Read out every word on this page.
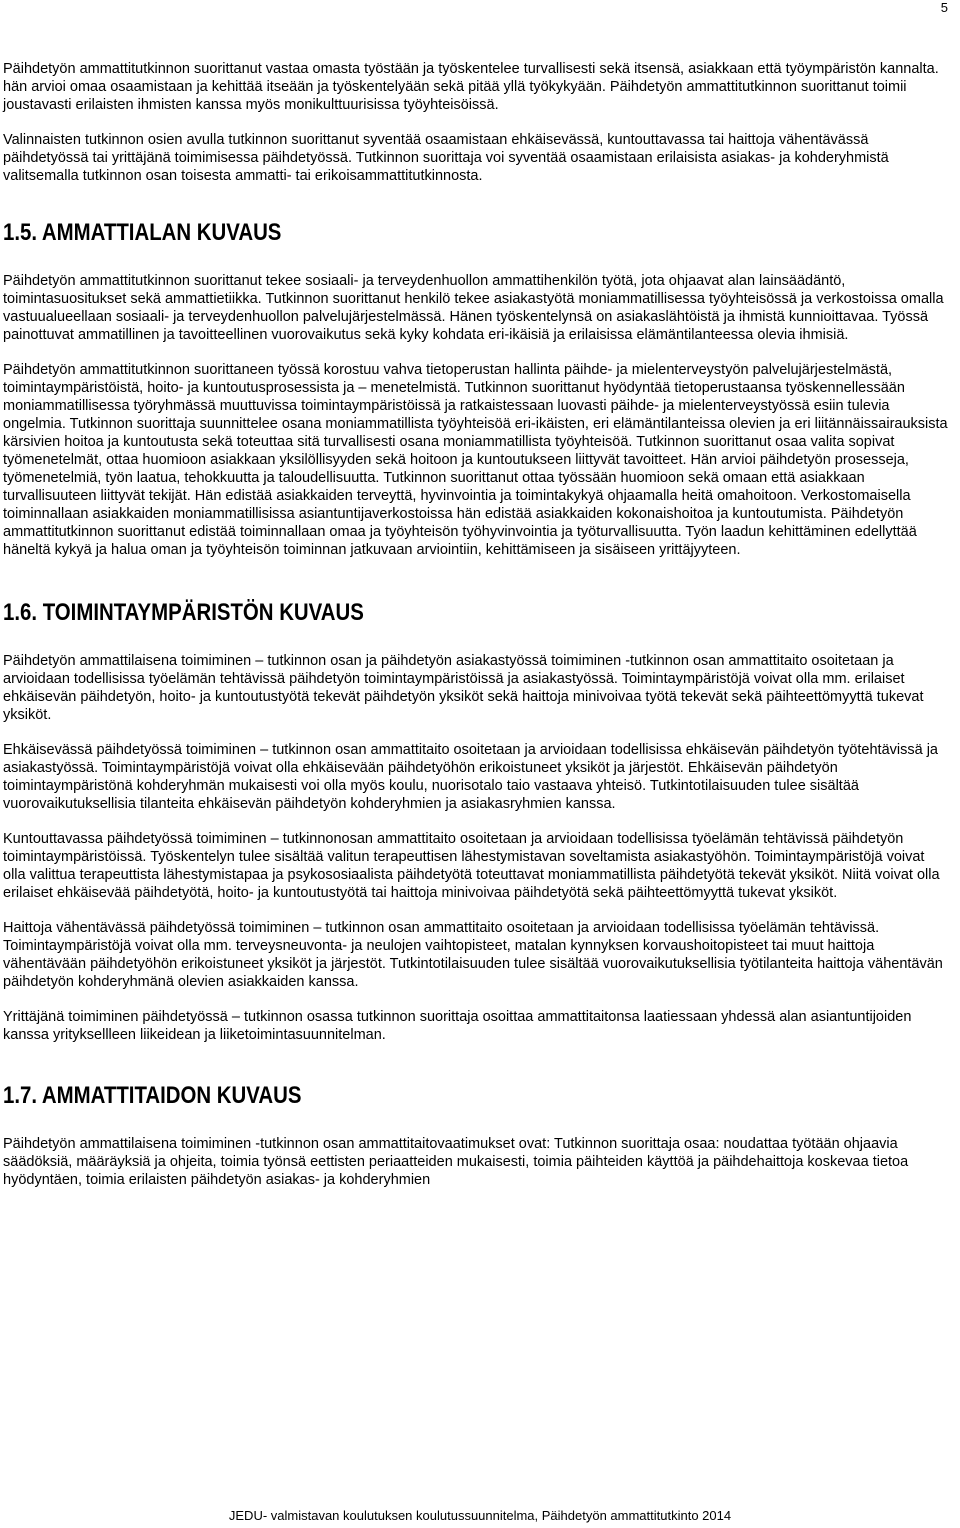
5

Päihdetyön ammattitutkinnon suorittanut vastaa omasta työstään ja työskentelee turvallisesti sekä itsensä, asiakkaan että työympäristön kannalta. hän arvioi omaa osaamistaan ja kehittää itseään ja työskentelyään sekä pitää yllä työkykyään. Päihdetyön ammattitutkinnon suorittanut toimii joustavasti erilaisten ihmisten kanssa myös monikulttuurisissa työyhteisöissä.

Valinnaisten tutkinnon osien avulla tutkinnon suorittanut syventää osaamistaan ehkäisevässä, kuntouttavassa tai haittoja vähentävässä päihdetyössä tai yrittäjänä toimimisessa päihdetyössä. Tutkinnon suorittaja voi syventää osaamistaan erilaisista asiakas- ja kohderyhmistä valitsemalla tutkinnon osan toisesta ammatti- tai erikoisammattitutkinnosta.

1.5. AMMATTIALAN KUVAUS

Päihdetyön ammattitutkinnon suorittanut tekee sosiaali- ja terveydenhuollon ammattihenkilön työtä, jota ohjaavat alan lainsäädäntö, toimintasuositukset sekä ammattietiikka. Tutkinnon suorittanut henkilö tekee asiakastyötä moniammatillisessa työyhteisössä ja verkostoissa omalla vastuualueellaan sosiaali- ja terveydenhuollon palvelujärjestelmässä. Hänen työskentelynsä on asiakaslähtöistä ja ihmistä kunnioittavaa. Työssä painottuvat ammatillinen ja tavoitteellinen vuorovaikutus sekä kyky kohdata eri-ikäisiä ja erilaisissa elämäntilanteessa olevia ihmisiä.

Päihdetyön ammattitutkinnon suorittaneen työssä korostuu vahva tietoperustan hallinta päihde- ja mielenterveystyön palvelujärjestelmästä, toimintaympäristöistä, hoito- ja kuntoutusprosessista ja – menetelmistä. Tutkinnon suorittanut hyödyntää tietoperustaansa työskennellessään moniammatillisessa työryhmässä muuttuvissa toimintaympäristöissä ja ratkaistessaan luovasti päihde- ja mielenterveystyössä esiin tulevia ongelmia. Tutkinnon suorittaja suunnittelee osana moniammatillista työyhteisöä eri-ikäisten, eri elämäntilanteissa olevien ja eri liitännäissairauksista kärsivien hoitoa ja kuntoutusta sekä toteuttaa sitä turvallisesti osana moniammatillista työyhteisöä. Tutkinnon suorittanut osaa valita sopivat työmenetelmät, ottaa huomioon asiakkaan yksilöllisyyden sekä hoitoon ja kuntoutukseen liittyvät tavoitteet. Hän arvioi päihdetyön prosesseja, työmenetelmiä, työn laatua, tehokkuutta ja taloudellisuutta. Tutkinnon suorittanut ottaa työssään huomioon sekä omaan että asiakkaan turvallisuuteen liittyvät tekijät. Hän edistää asiakkaiden terveyttä, hyvinvointia ja toimintakykyä ohjaamalla heitä omahoitoon. Verkostomaisella toiminnallaan asiakkaiden moniammatillisissa asiantuntijaverkostoissa hän edistää asiakkaiden kokonaishoitoa ja kuntoutumista. Päihdetyön ammattitutkinnon suorittanut edistää toiminnallaan omaa ja työyhteisön työhyvinvointia ja työturvallisuutta. Työn laadun kehittäminen edellyttää häneltä kykyä ja halua oman ja työyhteisön toiminnan jatkuvaan arviointiin, kehittämiseen ja sisäiseen yrittäjyyteen.

1.6. TOIMINTAYMPÄRISTÖN KUVAUS

Päihdetyön ammattilaisena toimiminen – tutkinnon osan ja päihdetyön asiakastyössä toimiminen -tutkinnon osan ammattitaito osoitetaan ja arvioidaan todellisissa työelämän tehtävissä päihdetyön toimintaympäristöissä ja asiakastyössä. Toimintaympäristöjä voivat olla mm. erilaiset ehkäisevän päihdetyön, hoito- ja kuntoutustyötä tekevät päihdetyön yksiköt sekä haittoja minivoivaa työtä tekevät sekä päihteettömyyttä tukevat yksiköt.

Ehkäisevässä päihdetyössä toimiminen – tutkinnon osan ammattitaito osoitetaan ja arvioidaan todellisissa ehkäisevän päihdetyön työtehtävissä ja asiakastyössä. Toimintaympäristöjä voivat olla ehkäisevään päihdetyöhön erikoistuneet yksiköt ja järjestöt. Ehkäisevän päihdetyön toimintaympäristönä kohderyhmän mukaisesti voi olla myös koulu, nuorisotalo taio vastaava yhteisö. Tutkintotilaisuuden tulee sisältää vuorovaikutuksellisia tilanteita ehkäisevän päihdetyön kohderyhmien ja asiakasryhmien kanssa.

Kuntouttavassa päihdetyössä toimiminen – tutkinnonosan ammattitaito osoitetaan ja arvioidaan todellisissa työelämän tehtävissä päihdetyön toimintaympäristöissä. Työskentelyn tulee sisältää valitun terapeuttisen lähestymistavan soveltamista asiakastyöhön. Toimintaympäristöjä voivat olla valittua terapeuttista lähestymistapaa ja psykososiaalista päihdetyötä toteuttavat moniammatillista päihdetyötä tekevät yksiköt. Niitä voivat olla erilaiset ehkäisevää päihdetyötä, hoito- ja kuntoutustyötä tai haittoja minivoivaa päihdetyötä sekä päihteettömyyttä tukevat yksiköt.

Haittoja vähentävässä päihdetyössä toimiminen – tutkinnon osan ammattitaito osoitetaan ja arvioidaan todellisissa työelämän tehtävissä. Toimintaympäristöjä voivat olla mm. terveysneuvonta- ja neulojen vaihtopisteet, matalan kynnyksen korvaushoitopisteet tai muut haittoja vähentävään päihdetyöhön erikoistuneet yksiköt ja järjestöt. Tutkintotilaisuuden tulee sisältää vuorovaikutuksellisia työtilanteita haittoja vähentävän päihdetyön kohderyhmänä olevien asiakkaiden kanssa.

Yrittäjänä toimiminen päihdetyössä – tutkinnon osassa tutkinnon suorittaja osoittaa ammattitaitonsa laatiessaan yhdessä alan asiantuntijoiden kanssa yrityksellleen liikeidean ja liiketoimintasuunnitelman.

1.7. AMMATTITAIDON KUVAUS

Päihdetyön ammattilaisena toimiminen -tutkinnon osan ammattitaitovaatimukset ovat: Tutkinnon suorittaja osaa: noudattaa työtään ohjaavia säädöksiä, määräyksiä ja ohjeita, toimia työnsä eettisten periaatteiden mukaisesti, toimia päihteiden käyttöä ja päihdehaittoja koskevaa tietoa hyödyntäen, toimia erilaisten päihdetyön asiakas- ja kohderyhmien

JEDU- valmistavan koulutuksen koulutussuunnitelma, Päihdetyön ammattitutkinto 2014
